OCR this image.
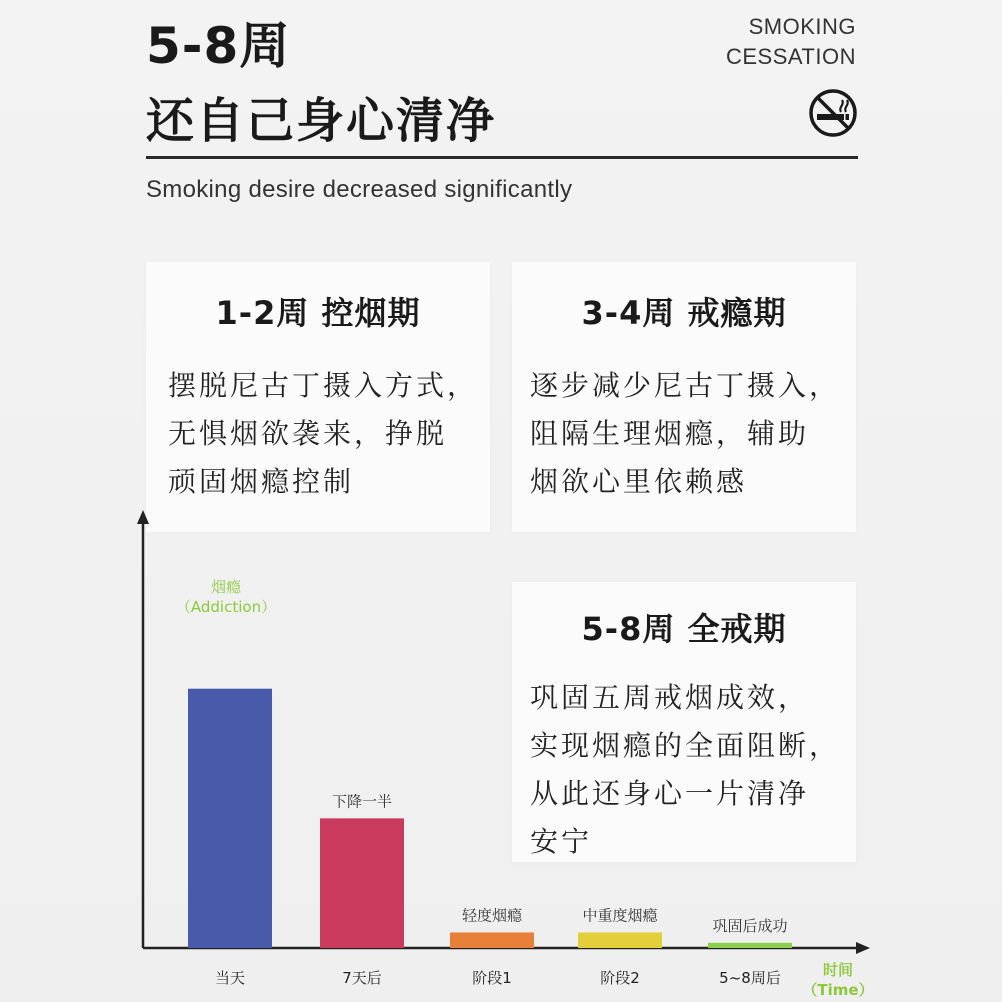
5-8周
还自己身心清净
SMOKING
CESSATION
Smoking desire decreased significantly
1-2周 控烟期
摆脱尼古丁摄入方式，
无惧烟欲袭来，挣脱
顽固烟瘾控制
3-4周 戒瘾期
逐步减少尼古丁摄入，
阻隔生理烟瘾，辅助
烟欲心里依赖感
5-8周 全戒期
巩固五周戒烟成效，
实现烟瘾的全面阻断，
从此还身心一片清净
安宁
烟瘾
（Addiction）
时间
（Time）
当天	7天后
下降一半
阶段1
轻度烟瘾
阶段2
中重度烟瘾
5~8周后
巩固后成功
